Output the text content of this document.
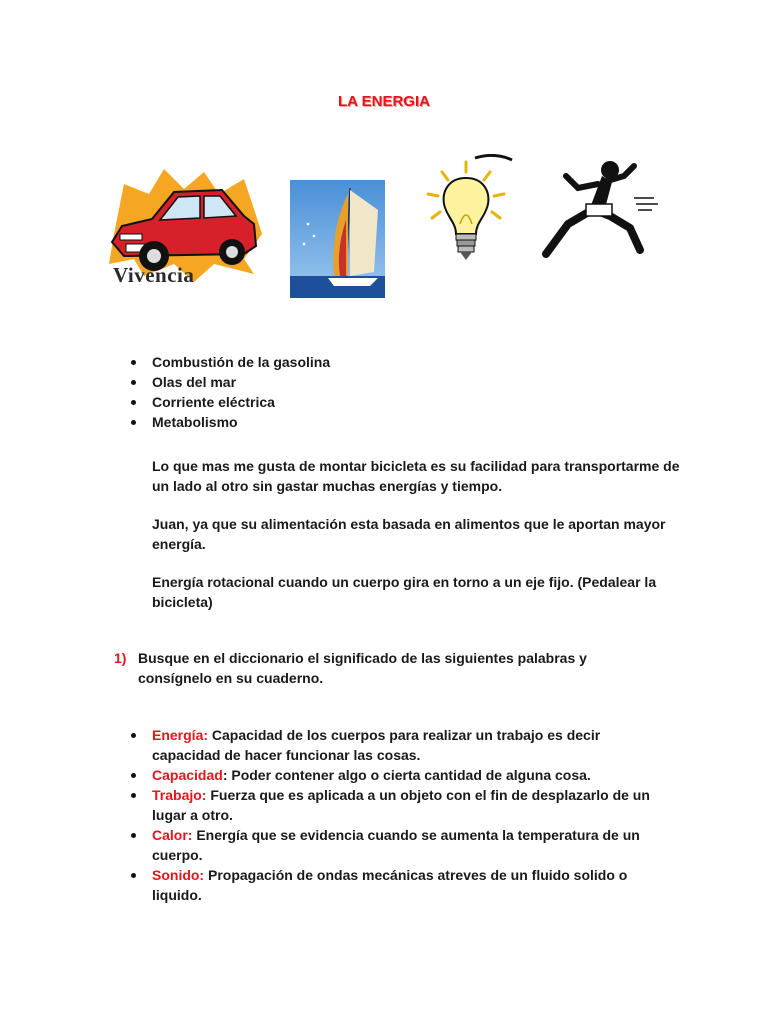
LA ENERGIA
Vivencia
Combustión de la gasolina
Olas del mar
Corriente eléctrica
Metabolismo
Lo que mas me gusta de montar bicicleta es su facilidad para transportarme de un lado al otro sin gastar muchas energías y tiempo.
Juan, ya que su alimentación esta basada en alimentos que le aportan mayor energía.
Energía rotacional cuando un cuerpo gira en torno a un eje fijo. (Pedalear la bicicleta)
1) Busque en el diccionario el significado de las siguientes palabras y consígnelo en su cuaderno.
Energía: Capacidad de los cuerpos para realizar un trabajo es decir capacidad de hacer funcionar las cosas.
Capacidad: Poder contener algo o cierta cantidad de alguna cosa.
Trabajo: Fuerza que es aplicada a un objeto con el fin de desplazarlo de un lugar a otro.
Calor: Energía que se evidencia cuando se aumenta la temperatura de un cuerpo.
Sonido: Propagación de ondas mecánicas atreves de un fluido solido o liquido.
